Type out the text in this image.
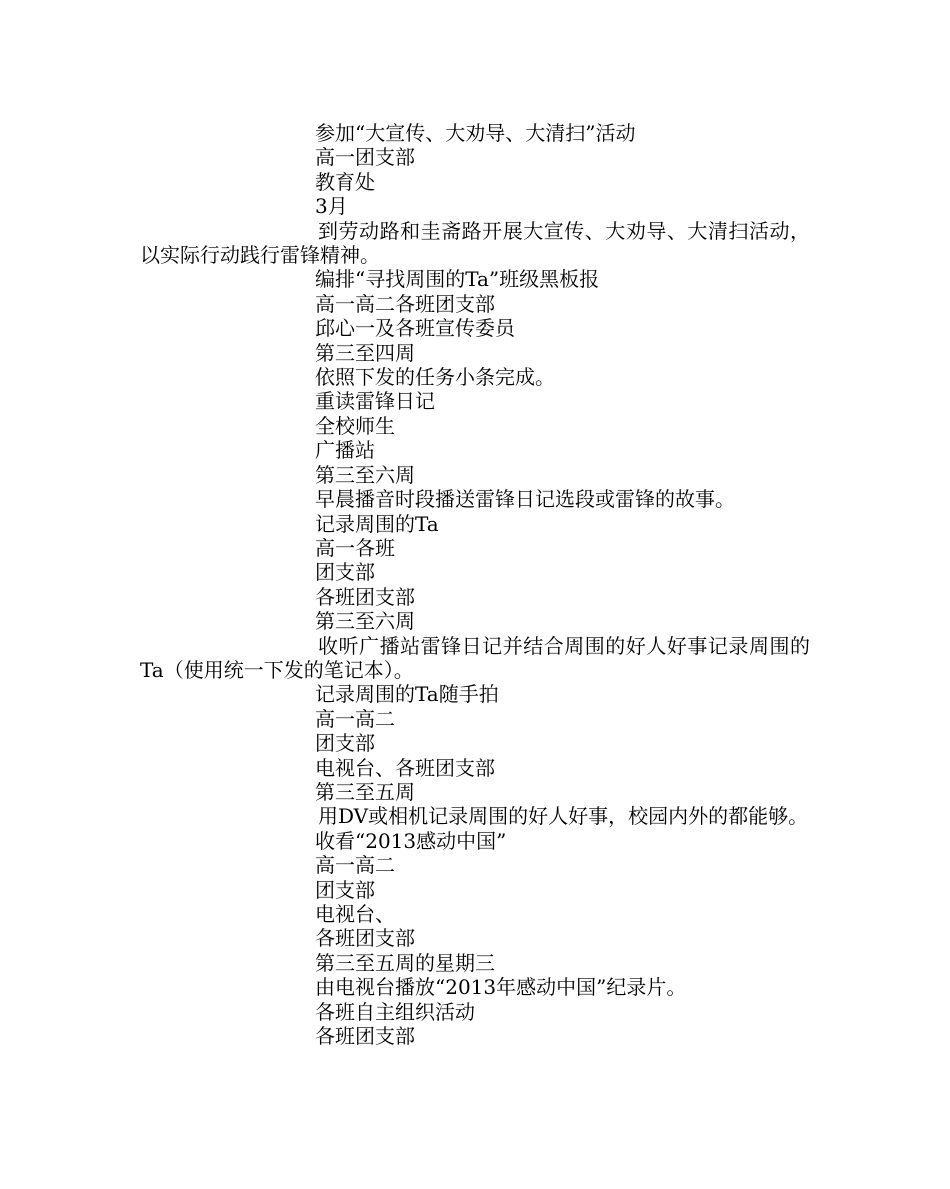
参加“大宣传、大劝导、大清扫”活动
高一团支部
教育处
3月
到劳动路和圭斋路开展大宣传、大劝导、大清扫活动，以实际行动践行雷锋精神。
编排“寻找周围的Ta”班级黑板报
高一高二各班团支部
邱心一及各班宣传委员
第三至四周
依照下发的任务小条完成。
重读雷锋日记
全校师生
广播站
第三至六周
早晨播音时段播送雷锋日记选段或雷锋的故事。
记录周围的Ta
高一各班
团支部
各班团支部
第三至六周
收听广播站雷锋日记并结合周围的好人好事记录周围的Ta（使用统一下发的笔记本）。
记录周围的Ta随手拍
高一高二
团支部
电视台、各班团支部
第三至五周
用DV或相机记录周围的好人好事，校园内外的都能够。
收看“2013感动中国”
高一高二
团支部
电视台、
各班团支部
第三至五周的星期三
由电视台播放“2013年感动中国”纪录片。
各班自主组织活动
各班团支部
